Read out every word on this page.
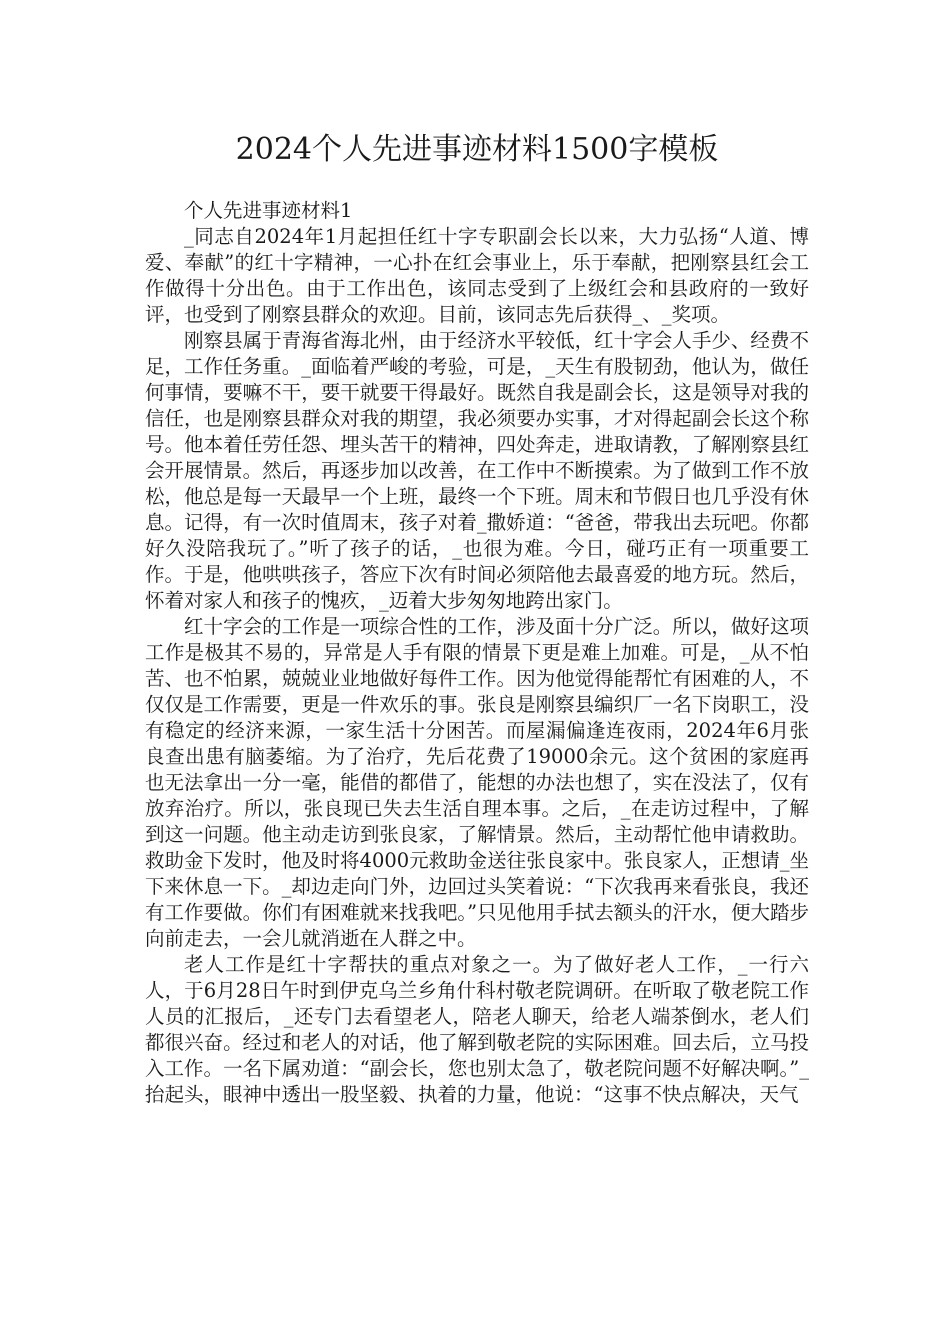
2024个人先进事迹材料1500字模板

个人先进事迹材料1

_同志自2024年1月起担任红十字专职副会长以来，大力弘扬“人道、博爱、奉献”的红十字精神，一心扑在红会事业上，乐于奉献，把刚察县红会工作做得十分出色。由于工作出色，该同志受到了上级红会和县政府的一致好评，也受到了刚察县群众的欢迎。目前，该同志先后获得_、_奖项。

刚察县属于青海省海北州，由于经济水平较低，红十字会人手少、经费不足，工作任务重。_面临着严峻的考验，可是，_天生有股韧劲，他认为，做任何事情，要嘛不干，要干就要干得最好。既然自我是副会长，这是领导对我的信任，也是刚察县群众对我的期望，我必须要办实事，才对得起副会长这个称号。他本着任劳任怨、埋头苦干的精神，四处奔走，进取请教，了解刚察县红会开展情景。然后，再逐步加以改善，在工作中不断摸索。为了做到工作不放松，他总是每一天最早一个上班，最终一个下班。周末和节假日也几乎没有休息。记得，有一次时值周末，孩子对着_撒娇道：“爸爸，带我出去玩吧。你都好久没陪我玩了。”听了孩子的话，_也很为难。今日，碰巧正有一项重要工作。于是，他哄哄孩子，答应下次有时间必须陪他去最喜爱的地方玩。然后，怀着对家人和孩子的愧疚，_迈着大步匆匆地跨出家门。

红十字会的工作是一项综合性的工作，涉及面十分广泛。所以，做好这项工作是极其不易的，异常是人手有限的情景下更是难上加难。可是，_从不怕苦、也不怕累，兢兢业业地做好每件工作。因为他觉得能帮忙有困难的人，不仅仅是工作需要，更是一件欢乐的事。张良是刚察县编织厂一名下岗职工，没有稳定的经济来源，一家生活十分困苦。而屋漏偏逢连夜雨，2024年6月张良查出患有脑萎缩。为了治疗，先后花费了19000余元。这个贫困的家庭再也无法拿出一分一毫，能借的都借了，能想的办法也想了，实在没法了，仅有放弃治疗。所以，张良现已失去生活自理本事。之后，_在走访过程中，了解到这一问题。他主动走访到张良家，了解情景。然后，主动帮忙他申请救助。救助金下发时，他及时将4000元救助金送往张良家中。张良家人，正想请_坐下来休息一下。_却边走向门外，边回过头笑着说：“下次我再来看张良，我还有工作要做。你们有困难就来找我吧。”只见他用手拭去额头的汗水，便大踏步向前走去，一会儿就消逝在人群之中。

老人工作是红十字帮扶的重点对象之一。为了做好老人工作，_一行六人，于6月28日午时到伊克乌兰乡角什科村敬老院调研。在听取了敬老院工作人员的汇报后，_还专门去看望老人，陪老人聊天，给老人端茶倒水，老人们都很兴奋。经过和老人的对话，他了解到敬老院的实际困难。回去后，立马投入工作。一名下属劝道：“副会长，您也别太急了，敬老院问题不好解决啊。”_抬起头，眼神中透出一股坚毅、执着的力量，他说：“这事不快点解决，天气
